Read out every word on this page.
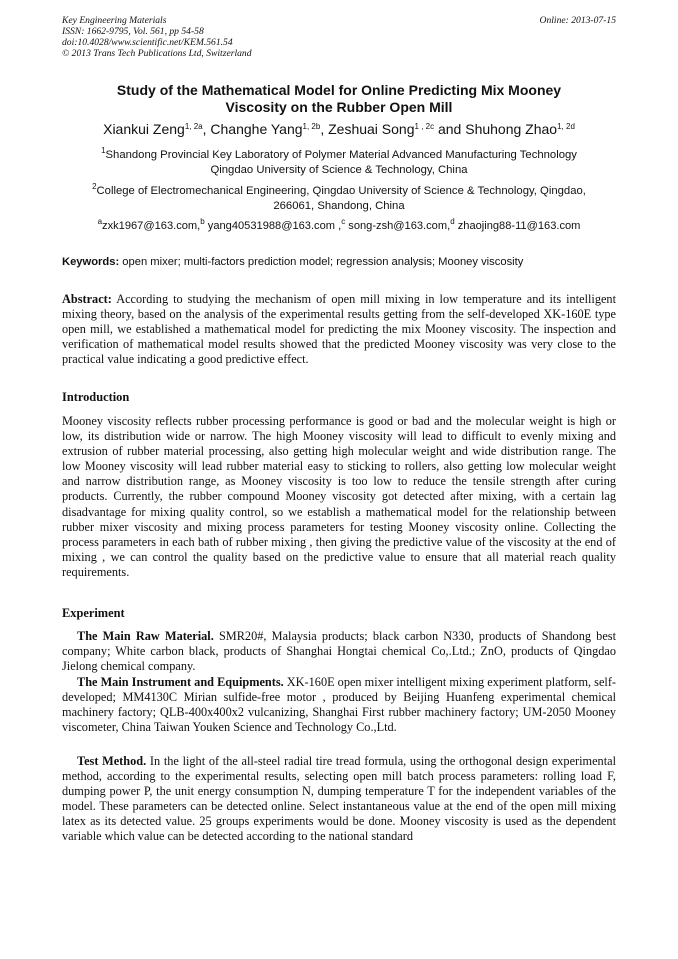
Key Engineering Materials
ISSN: 1662-9795, Vol. 561, pp 54-58
doi:10.4028/www.scientific.net/KEM.561.54
© 2013 Trans Tech Publications Ltd, Switzerland
Online: 2013-07-15
Study of the Mathematical Model for Online Predicting Mix Mooney
Viscosity on the Rubber Open Mill
Xiankui Zeng$^{1, 2a}$, Changhe Yang$^{1, 2b}$, Zeshuai Song$^{1 , 2c}$ and Shuhong Zhao$^{1, 2d}$
$^1$Shandong Provincial Key Laboratory of Polymer Material Advanced Manufacturing Technology
Qingdao University of Science & Technology, China
$^2$College of Electromechanical Engineering, Qingdao University of Science & Technology, Qingdao,
266061, Shandong, China
$^a$zxk1967@163.com,$^b$ yang40531988@163.com ,$^c$ song-zsh@163.com,$^d$ zhaojing88-11@163.com
Keywords: open mixer; multi-factors prediction model; regression analysis; Mooney viscosity
Abstract: According to studying the mechanism of open mill mixing in low temperature and its intelligent mixing theory, based on the analysis of the experimental results getting from the self-developed XK-160E type open mill, we established a mathematical model for predicting the mix Mooney viscosity. The inspection and verification of mathematical model results showed that the predicted Mooney viscosity was very close to the practical value indicating a good predictive effect.
Introduction
Mooney viscosity reflects rubber processing performance is good or bad and the molecular weight is high or low, its distribution wide or narrow. The high Mooney viscosity will lead to difficult to evenly mixing and extrusion of rubber material processing, also getting high molecular weight and wide distribution range. The low Mooney viscosity will lead rubber material easy to sticking to rollers, also getting low molecular weight and narrow distribution range, as Mooney viscosity is too low to reduce the tensile strength after curing products. Currently, the rubber compound Mooney viscosity got detected after mixing, with a certain lag disadvantage for mixing quality control, so we establish a mathematical model for the relationship between rubber mixer viscosity and mixing process parameters for testing Mooney viscosity online. Collecting the process parameters in each bath of rubber mixing , then giving the predictive value of the viscosity at the end of mixing , we can control the quality based on the predictive value to ensure that all material reach quality requirements.
Experiment
The Main Raw Material. SMR20#, Malaysia products; black carbon N330, products of Shandong best company; White carbon black, products of Shanghai Hongtai chemical Co,.Ltd.; ZnO, products of Qingdao Jielong chemical company.
The Main Instrument and Equipments. XK-160E open mixer intelligent mixing experiment platform, self-developed; MM4130C Mirian sulfide-free motor , produced by Beijing Huanfeng experimental chemical machinery factory; QLB-400x400x2 vulcanizing, Shanghai First rubber machinery factory; UM-2050 Mooney viscometer, China Taiwan Youken Science and Technology Co.,Ltd.
Test Method. In the light of the all-steel radial tire tread formula, using the orthogonal design experimental method, according to the experimental results, selecting open mill batch process parameters: rolling load F, dumping power P, the unit energy consumption N, dumping temperature T for the independent variables of the model. These parameters can be detected online. Select instantaneous value at the end of the open mill mixing latex as its detected value. 25 groups experiments would be done. Mooney viscosity is used as the dependent variable which value can be detected according to the national standard
